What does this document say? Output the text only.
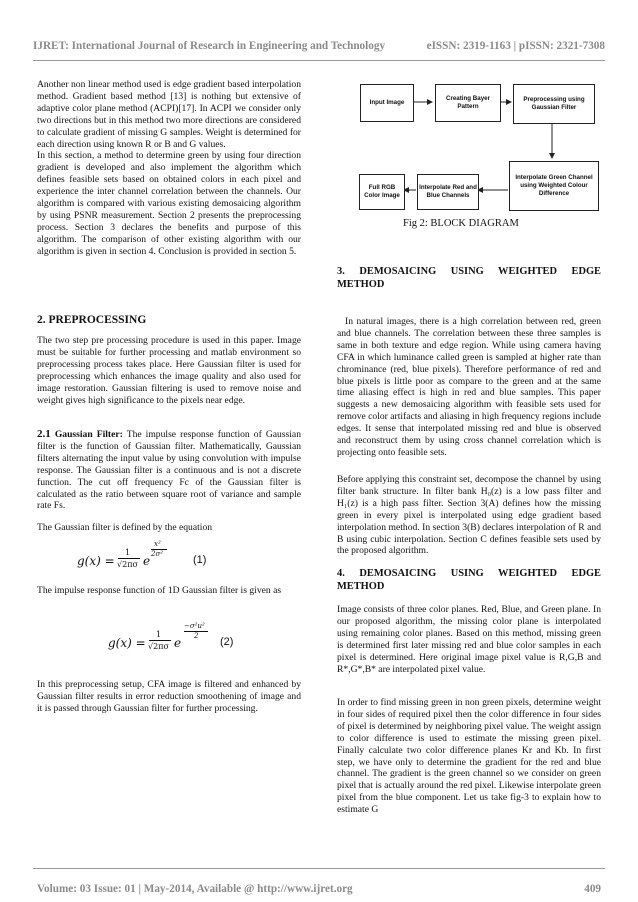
IJRET: International Journal of Research in Engineering and Technology	eISSN: 2319-1163 | pISSN: 2321-7308

Another non linear method used is edge gradient based interpolation method. Gradient based method [13] is nothing but extensive of adaptive color plane method (ACPI)[17]. In ACPI we consider only two directions but in this method two more directions are considered to calculate gradient of missing G samples. Weight is determined for each direction using known R or B and G values.

In this section, a method to determine green by using four direction gradient is developed and also implement the algorithm which defines feasible sets based on obtained colors in each pixel and experience the inter channel correlation between the channels. Our algorithm is compared with various existing demosaicing algorithm by using PSNR measurement. Section 2 presents the preprocessing process. Section 3 declares the benefits and purpose of this algorithm. The comparison of other existing algorithm with our algorithm is given in section 4. Conclusion is provided in section 5.

2. PREPROCESSING

The two step pre processing procedure is used in this paper. Image must be suitable for further processing and matlab environment so preprocessing process takes place. Here Gaussian filter is used for preprocessing which enhances the image quality and also used for image restoration. Gaussian filtering is used to remove noise and weight gives high significance to the pixels near edge.

2.1 Gaussian Filter: The impulse response function of Gaussian filter is the function of Gaussian filter. Mathematically, Gaussian filters alternating the input value by using convolution with impulse response. The Gaussian filter is a continuous and is not a discrete function. The cut off frequency Fc of the Gaussian filter is calculated as the ratio between square root of variance and sample rate Fs.

The Gaussian filter is defined by the equation
g(x) =
1
√2πσ e
x²
2σ²	(1)
The impulse response function of 1D Gaussian filter is given as
g(x) =
1
√2πσ e
−σ²u²
2 (2)
In this preprocessing setup, CFA image is filtered and enhanced by Gaussian filter results in error reduction smoothening of image and it is passed through Gaussian filter for further processing.
Input Image
Creating Bayer Pattern
Preprocessing using Gaussian Filter
Interpolate Green Channel using Weighted Colour Difference
Interpolate Red and Blue Channels
Full RGB Color Image
Fig 2: BLOCK DIAGRAM
3. DEMOSAICING USING WEIGHTED EDGE METHOD

In natural images, there is a high correlation between red, green and blue channels. The correlation between these three samples is same in both texture and edge region. While using camera having CFA in which luminance called green is sampled at higher rate than chrominance (red, blue pixels). Therefore performance of red and blue pixels is little poor as compare to the green and at the same time aliasing effect is high in red and blue samples. This paper suggests a new demosaicing algorithm with feasible sets used for remove color artifacts and aliasing in high frequency regions include edges. It sense that interpolated missing red and blue is observed and reconstruct them by using cross channel correlation which is projecting onto feasible sets.

Before applying this constraint set, decompose the channel by using filter bank structure. In filter bank H₀(z) is a low pass filter and H₁(z) is a high pass filter. Section 3(A) defines how the missing green in every pixel is interpolated using edge gradient based interpolation method. In section 3(B) declares interpolation of R and B using cubic interpolation. Section C defines feasible sets used by the proposed algorithm.

4. DEMOSAICING USING WEIGHTED EDGE METHOD

Image consists of three color planes. Red, Blue, and Green plane. In our proposed algorithm, the missing color plane is interpolated using remaining color planes. Based on this method, missing green is determined first later missing red and blue color samples in each pixel is determined. Here original image pixel value is R,G,B and R*,G*,B* are interpolated pixel value.

In order to find missing green in non green pixels, determine weight in four sides of required pixel then the color difference in four sides of pixel is determined by neighboring pixel value. The weight assign to color difference is used to estimate the missing green pixel. Finally calculate two color difference planes Kr and Kb. In first step, we have only to determine the gradient for the red and blue channel. The gradient is the green channel so we consider on green pixel that is actually around the red pixel. Likewise interpolate green pixel from the blue component. Let us take fig-3 to explain how to estimate G

Volume: 03 Issue: 01 | May-2014, Available @ http://www.ijret.org	409
